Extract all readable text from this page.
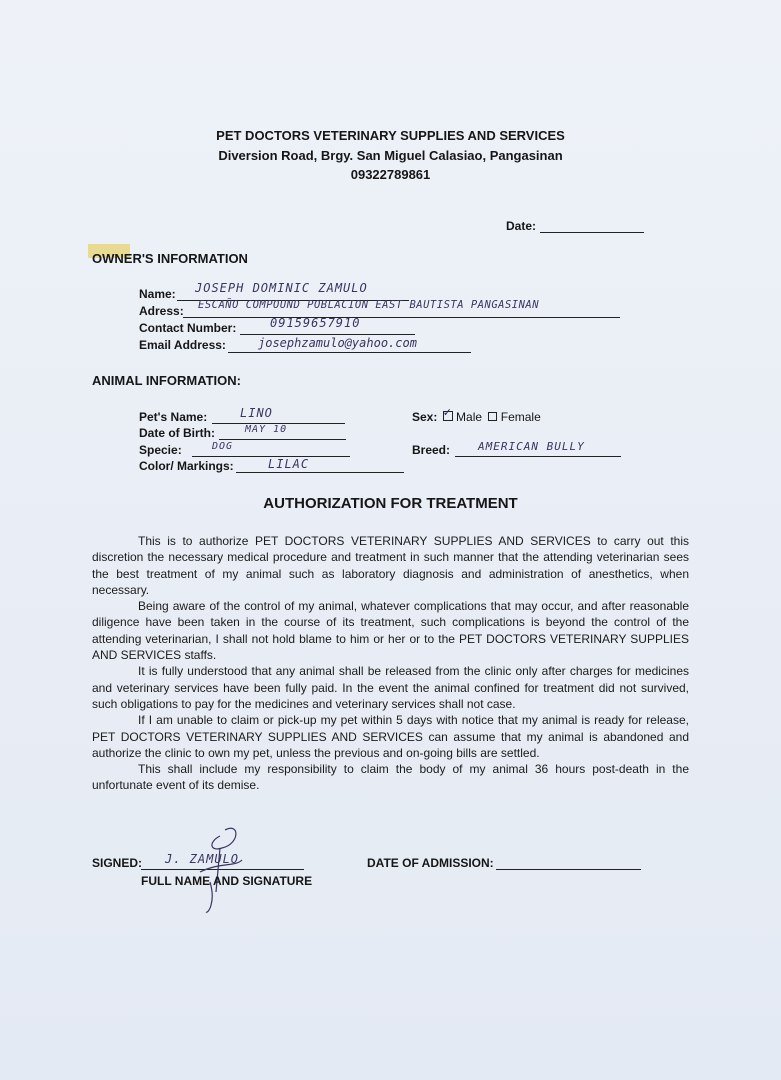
PET DOCTORS VETERINARY SUPPLIES AND SERVICES
Diversion Road, Brgy. San Miguel Calasiao, Pangasinan
09322789861
Date:
OWNER'S INFORMATION
Name: JOSEPH DOMINIC ZAMULO
Adress: ESCAÑO COMPOUND POBLACION EAST BAUTISTA PANGASINAN
Contact Number:	09159657910
Email Address:	josephzamulo@yahoo.com
ANIMAL INFORMATION:
Pet's Name:	LINO
Date of Birth:	MAY 10
Specie:	DOG
Color/ Markings:	LILAC
Sex: ✓ Male Female
Breed:	AMERICAN BULLY
AUTHORIZATION FOR TREATMENT

This is to authorize PET DOCTORS VETERINARY SUPPLIES AND SERVICES to carry out this discretion the necessary medical procedure and treatment in such manner that the attending veterinarian sees the best treatment of my animal such as laboratory diagnosis and administration of anesthetics, when necessary.

Being aware of the control of my animal, whatever complications that may occur, and after reasonable diligence have been taken in the course of its treatment, such complications is beyond the control of the attending veterinarian, I shall not hold blame to him or her or to the PET DOCTORS VETERINARY SUPPLIES AND SERVICES staffs.

It is fully understood that any animal shall be released from the clinic only after charges for medicines and veterinary services have been fully paid. In the event the animal confined for treatment did not survived, such obligations to pay for the medicines and veterinary services shall not case.

If I am unable to claim or pick-up my pet within 5 days with notice that my animal is ready for release, PET DOCTORS VETERINARY SUPPLIES AND SERVICES can assume that my animal is abandoned and authorize the clinic to own my pet, unless the previous and on-going bills are settled.

This shall include my responsibility to claim the body of my animal 36 hours post-death in the unfortunate event of its demise.

SIGNED: J. ZAMULO
FULL NAME AND SIGNATURE
DATE OF ADMISSION:
